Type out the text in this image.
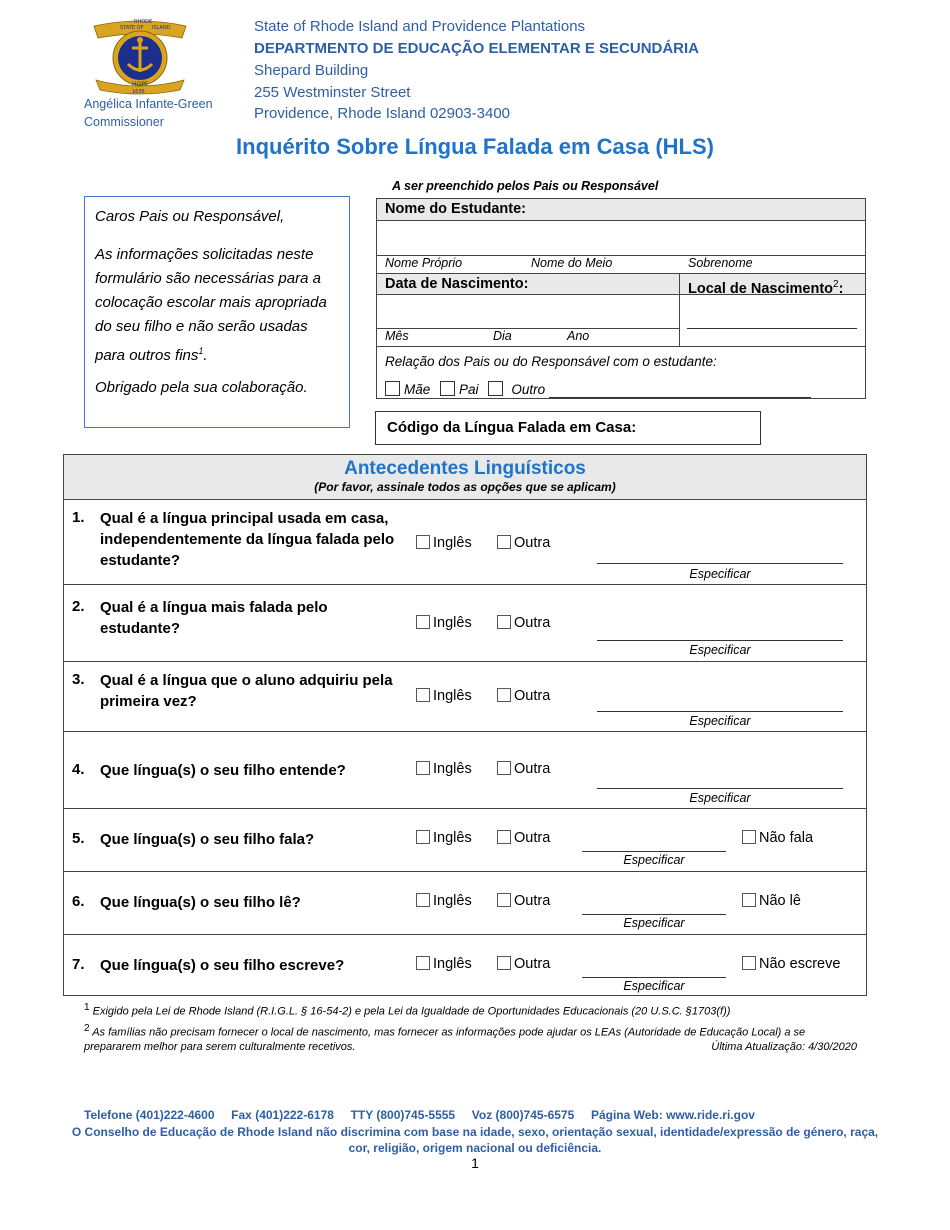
STATE OF
RHODE
ISLAND
HOPE
1636
Angélica Infante-Green
Commissioner
State of Rhode Island and Providence Plantations
DEPARTMENTO DE EDUCAÇÃO ELEMENTAR E SECUNDÁRIA
Shepard Building
255 Westminster Street
Providence, Rhode Island 02903-3400
Inquérito Sobre Língua Falada em Casa (HLS)

Caros Pais ou Responsável,

As informações solicitadas neste formulário são necessárias para a colocação escolar mais apropriada do seu filho e não serão usadas para outros fins$^1$.

Obrigado pela sua colaboração.

A ser preenchido pelos Pais ou Responsável
Nome do Estudante:
Nome Próprio	Nome do Meio	Sobrenome
Data de Nascimento:	Local de Nascimento$^2$:
Mês	Dia	Ano
Relação dos Pais ou do Responsável com o estudante:
Mãe Pai Outro
Código da Língua Falada em Casa:
Antecedentes Linguísticos
(Por favor, assinale todos as opções que se aplicam)
1. Qual é a língua principal usada em casa, independentemente da língua falada pelo estudante?
Inglês	Outra
Especificar
2. Qual é a língua mais falada pelo estudante?	Inglês	Outra
Especificar
3. Qual é a língua que o aluno adquiriu pela primeira vez?	Inglês	Outra
Especificar
4. Que língua(s) o seu filho entende?	Inglês	Outra
Especificar
5. Que língua(s) o seu filho fala?	Inglês	Outra
Especificar
Não fala
6. Que língua(s) o seu filho lê?	Inglês	Outra
Especificar
Não lê
7. Que língua(s) o seu filho escreve?	Inglês	Outra
Especificar
Não escreve
$^1$ Exigido pela Lei de Rhode Island (R.I.G.L. § 16-54-2) e pela Lei da Igualdade de Oportunidades Educacionais (20 U.S.C. §1703(f))
$^2$ As famílias não precisam fornecer o local de nascimento, mas fornecer as informações pode ajudar os LEAs (Autoridade de Educação Local) a se
prepararem melhor para serem culturalmente recetivos.	Última Atualização: 4/30/2020
Telefone (401)222-4600     Fax (401)222-6178     TTY (800)745-5555     Voz (800)745-6575     Página Web: www.ride.ri.gov
O Conselho de Educação de Rhode Island não discrimina com base na idade, sexo, orientação sexual, identidade/expressão de género, raça,
cor, religião, origem nacional ou deficiência.
1
